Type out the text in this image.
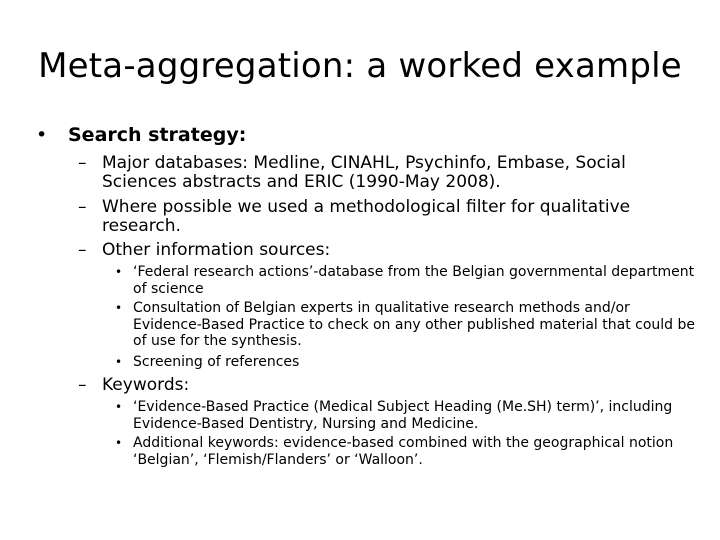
Meta-aggregation: a worked example
•	Search strategy:
– Major databases: Medline, CINAHL, Psychinfo, Embase, Social Sciences abstracts and ERIC (1990-May 2008).
– Where possible we used a methodological filter for qualitative research.
– Other information sources:
• ‘Federal research actions’-database from the Belgian governmental department of science
• Consultation of Belgian experts in qualitative research methods and/or Evidence-Based Practice to check on any other published material that could be of use for the synthesis.
• Screening of references
– Keywords:
• ‘Evidence-Based Practice (Medical Subject Heading (Me.SH) term)’, including Evidence-Based Dentistry, Nursing and Medicine.
• Additional keywords: evidence-based combined with the geographical notion ‘Belgian’, ‘Flemish/Flanders’ or ‘Walloon’.
